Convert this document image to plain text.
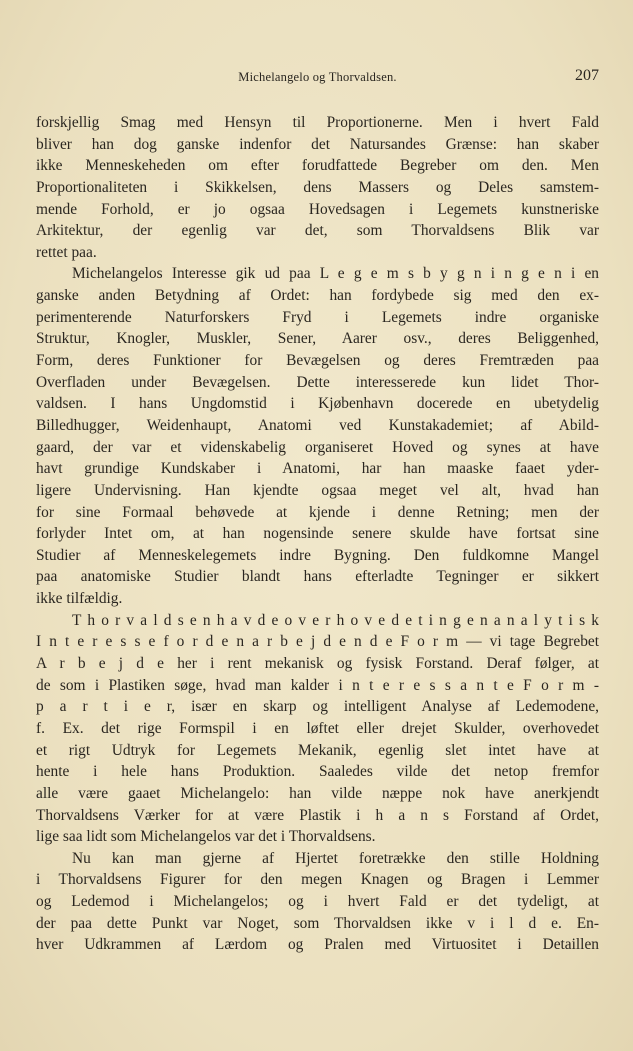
Michelangelo og Thorvaldsen.	207
forskjellig Smag med Hensyn til Proportionerne. Men i hvert Fald
bliver han dog ganske indenfor det Natursandes Grænse: han skaber
ikke Menneskeheden om efter forudfattede Begreber om den. Men
Proportionaliteten i Skikkelsen, dens Massers og Deles samstem-
mende Forhold, er jo ogsaa Hovedsagen i Legemets kunstneriske
Arkitektur, der egenlig var det, som Thorvaldsens Blik var
rettet paa.
Michelangelos Interesse gik ud paa L e g e m s b y g n i n g e n i en
ganske anden Betydning af Ordet: han fordybede sig med den ex-
perimenterende Naturforskers Fryd i Legemets indre organiske
Struktur, Knogler, Muskler, Sener, Aarer osv., deres Beliggenhed,
Form, deres Funktioner for Bevægelsen og deres Fremtræden paa
Overfladen under Bevægelsen. Dette interesserede kun lidet Thor-
valdsen. I hans Ungdomstid i Kjøbenhavn docerede en ubetydelig
Billedhugger, Weidenhaupt, Anatomi ved Kunstakademiet; af Abild-
gaard, der var et videnskabelig organiseret Hoved og synes at have
havt grundige Kundskaber i Anatomi, har han maaske faaet yder-
ligere Undervisning. Han kjendte ogsaa meget vel alt, hvad han
for sine Formaal behøvede at kjende i denne Retning; men der
forlyder Intet om, at han nogensinde senere skulde have fortsat sine
Studier af Menneskelegemets indre Bygning. Den fuldkomne Mangel
paa anatomiske Studier blandt hans efterladte Tegninger er sikkert
ikke tilfældig.
T h o r v a l d s e n h a v d e o v e r h o v e d e t i n g e n a n a l y t i s k
I n t e r e s s e f o r d e n a r b e j d e n d e F o r m — vi tage Begrebet
A r b e j d e her i rent mekanisk og fysisk Forstand. Deraf følger, at
de som i Plastiken søge, hvad man kalder i n t e r e s s a n t e F o r m -
p a r t i e r, især en skarp og intelligent Analyse af Ledemodene,
f. Ex. det rige Formspil i en løftet eller drejet Skulder, overhovedet
et rigt Udtryk for Legemets Mekanik, egenlig slet intet have at
hente i hele hans Produktion. Saaledes vilde det netop fremfor
alle være gaaet Michelangelo: han vilde næppe nok have anerkjendt
Thorvaldsens Værker for at være Plastik i h a n s Forstand af Ordet,
lige saa lidt som Michelangelos var det i Thorvaldsens.
Nu kan man gjerne af Hjertet foretrække den stille Holdning
i Thorvaldsens Figurer for den megen Knagen og Bragen i Lemmer
og Ledemod i Michelangelos; og i hvert Fald er det tydeligt, at
der paa dette Punkt var Noget, som Thorvaldsen ikke v i l d e. En-
hver Udkrammen af Lærdom og Pralen med Virtuositet i Detaillen
